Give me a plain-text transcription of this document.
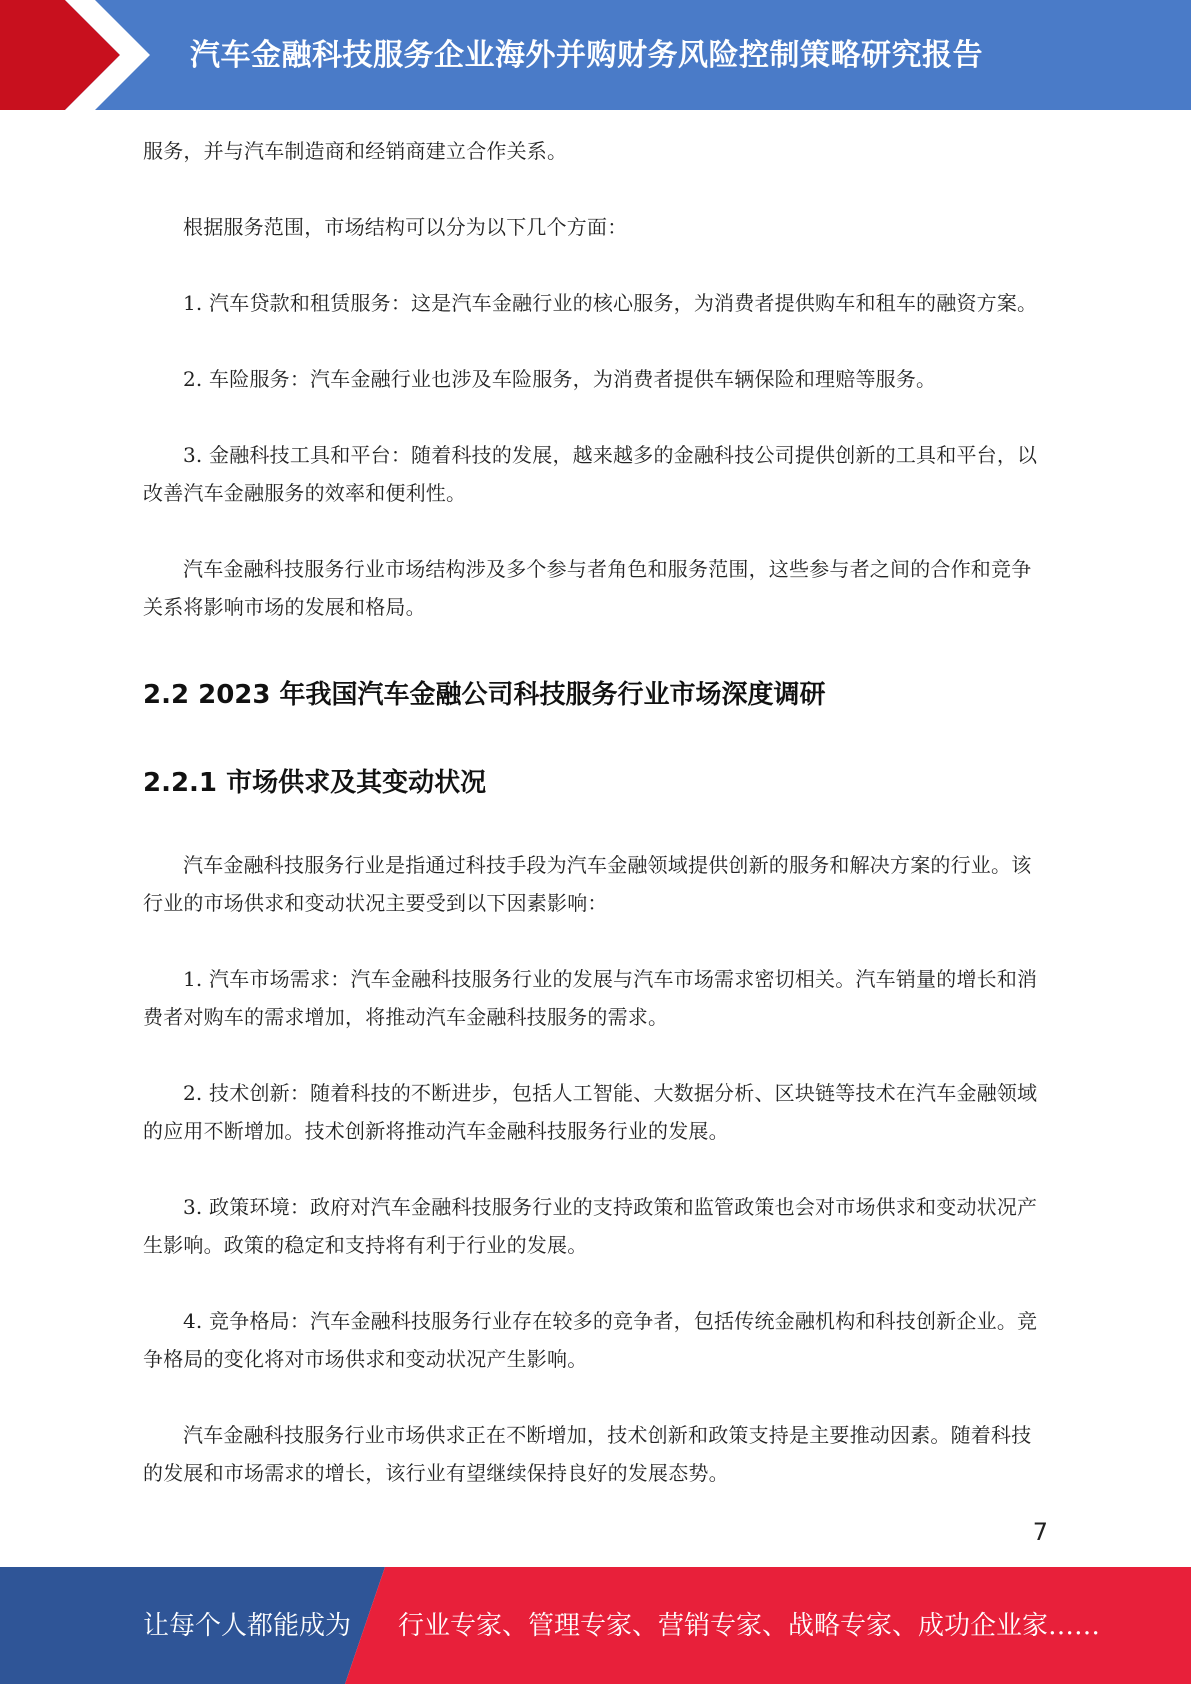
汽车金融科技服务企业海外并购财务风险控制策略研究报告

服务，并与汽车制造商和经销商建立合作关系。

根据服务范围，市场结构可以分为以下几个方面：

1. 汽车贷款和租赁服务：这是汽车金融行业的核心服务，为消费者提供购车和租车的融资方案。

2. 车险服务：汽车金融行业也涉及车险服务，为消费者提供车辆保险和理赔等服务。

3. 金融科技工具和平台：随着科技的发展，越来越多的金融科技公司提供创新的工具和平台，以改善汽车金融服务的效率和便利性。

汽车金融科技服务行业市场结构涉及多个参与者角色和服务范围，这些参与者之间的合作和竞争关系将影响市场的发展和格局。

2.2 2023 年我国汽车金融公司科技服务行业市场深度调研
2.2.1 市场供求及其变动状况

汽车金融科技服务行业是指通过科技手段为汽车金融领域提供创新的服务和解决方案的行业。该行业的市场供求和变动状况主要受到以下因素影响：

1. 汽车市场需求：汽车金融科技服务行业的发展与汽车市场需求密切相关。汽车销量的增长和消费者对购车的需求增加，将推动汽车金融科技服务的需求。

2. 技术创新：随着科技的不断进步，包括人工智能、大数据分析、区块链等技术在汽车金融领域的应用不断增加。技术创新将推动汽车金融科技服务行业的发展。

3. 政策环境：政府对汽车金融科技服务行业的支持政策和监管政策也会对市场供求和变动状况产生影响。政策的稳定和支持将有利于行业的发展。

4. 竞争格局：汽车金融科技服务行业存在较多的竞争者，包括传统金融机构和科技创新企业。竞争格局的变化将对市场供求和变动状况产生影响。

汽车金融科技服务行业市场供求正在不断增加，技术创新和政策支持是主要推动因素。随着科技的发展和市场需求的增长，该行业有望继续保持良好的发展态势。

7
让每个人都能成为 行业专家、管理专家、营销专家、战略专家、成功企业家……
